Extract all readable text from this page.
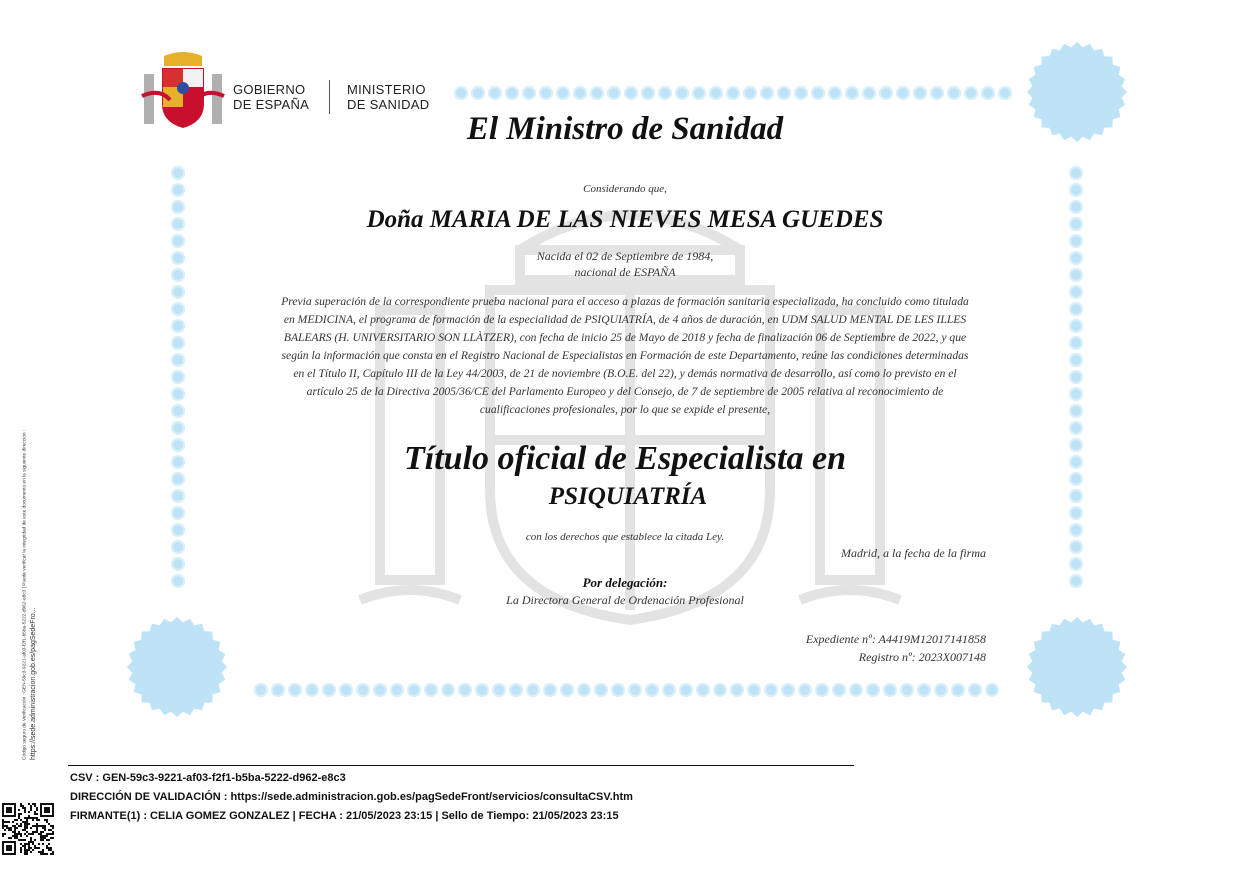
GOBIERNO
DE ESPAÑA
MINISTERIO
DE SANIDAD
El Ministro de Sanidad
Considerando que,
Doña MARIA DE LAS NIEVES MESA GUEDES
Nacida el 02 de Septiembre de 1984,
nacional de ESPAÑA
Previa superación de la correspondiente prueba nacional para el acceso a plazas de formación sanitaria especializada, ha concluido como titulada en MEDICINA, el programa de formación de la especialidad de PSIQUIATRÍA, de 4 años de duración, en UDM SALUD MENTAL DE LES ILLES BALEARS (H. UNIVERSITARIO SON LLÀTZER), con fecha de inicio 25 de Mayo de 2018 y fecha de finalización 06 de Septiembre de 2022, y que según la información que consta en el Registro Nacional de Especialistas en Formación de este Departamento, reúne las condiciones determinadas en el Título II, Capítulo III de la Ley 44/2003, de 21 de noviembre (B.O.E. del 22), y demás normativa de desarrollo, así como lo previsto en el artículo 25 de la Directiva 2005/36/CE del Parlamento Europeo y del Consejo, de 7 de septiembre de 2005 relativa al reconocimiento de cualificaciones profesionales, por lo que se expide el presente,
Título oficial de Especialista en
PSIQUIATRÍA
con los derechos que establece la citada Ley.
Madrid, a la fecha de la firma
Por delegación:
La Directora General de Ordenación Profesional
Expediente nº: A4419M12017141858
Registro nº: 2023X007148
Código seguro de Verificación : GEN-59c3-9221-af03-f2f1-b5ba-5222-d962-e8c3 | Puede verificar la integridad de este documento en la siguiente dirección : https://sede.administracion.gob.es/pagSedeFro...
CSV : GEN-59c3-9221-af03-f2f1-b5ba-5222-d962-e8c3
DIRECCIÓN DE VALIDACIÓN : https://sede.administracion.gob.es/pagSedeFront/servicios/consultaCSV.htm
FIRMANTE(1) : CELIA GOMEZ GONZALEZ | FECHA : 21/05/2023 23:15 | Sello de Tiempo: 21/05/2023 23:15
